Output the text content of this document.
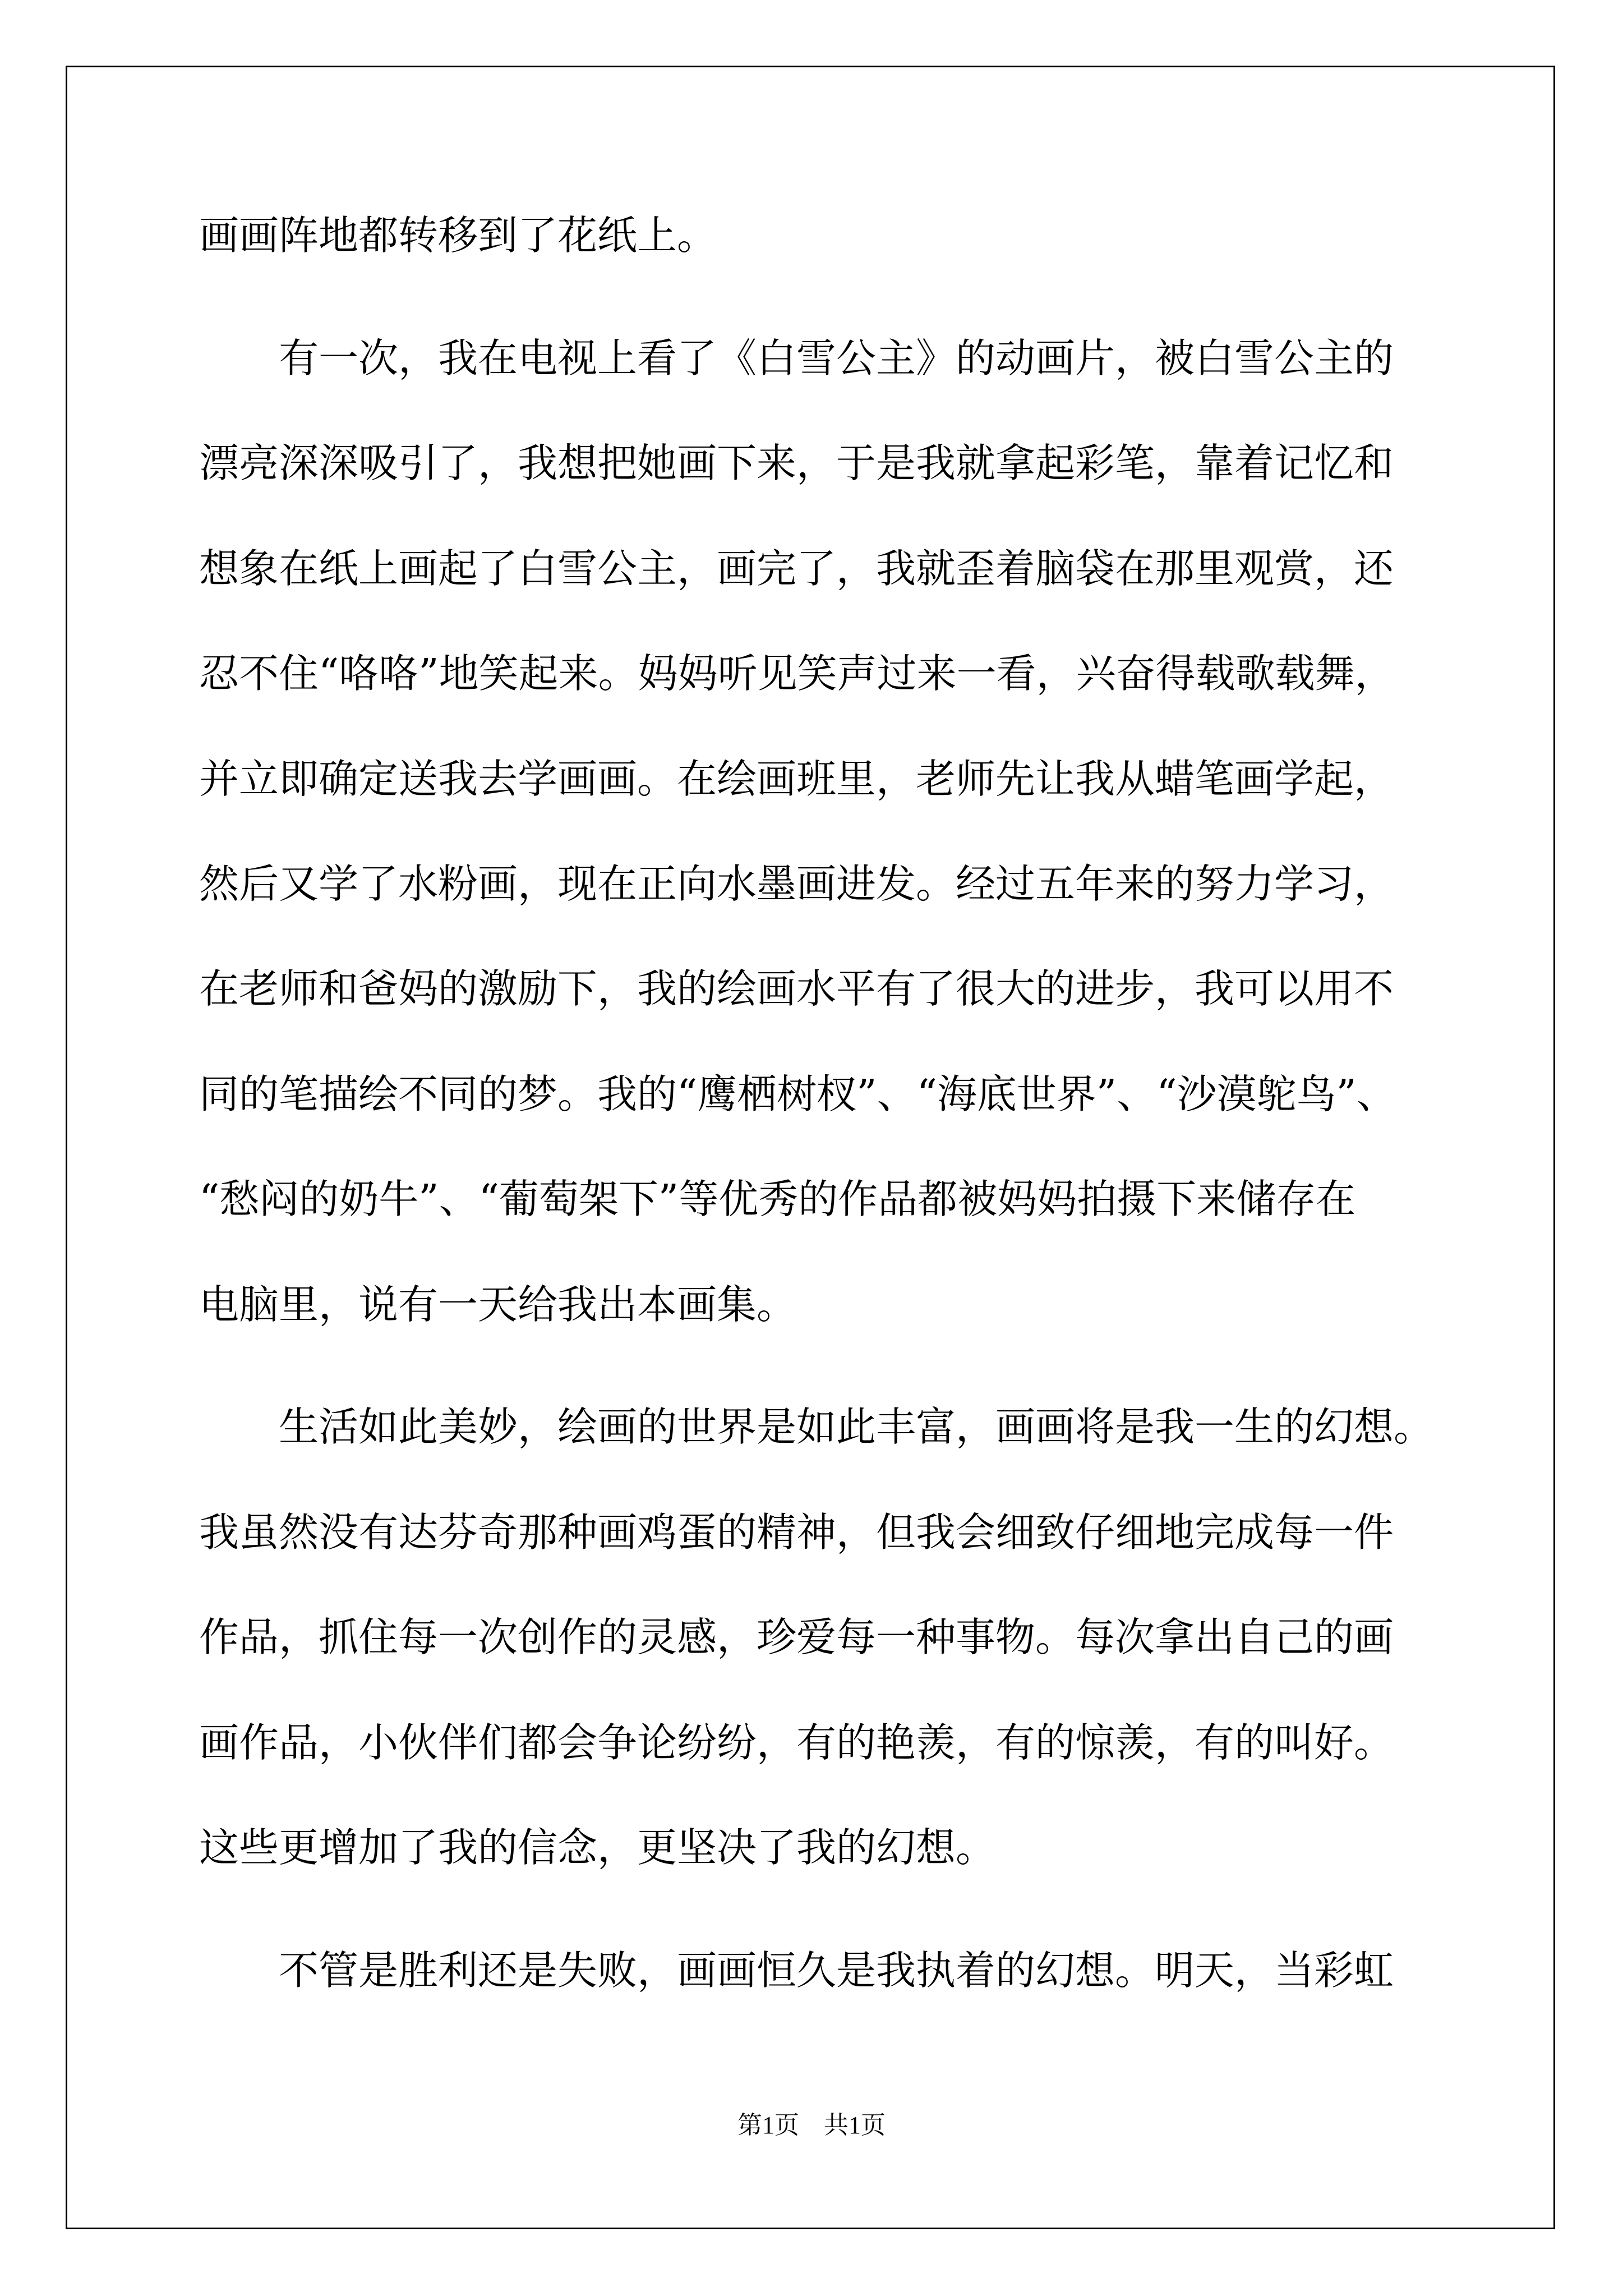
画画阵地都转移到了花纸上。

　　有一次，我在电视上看了《白雪公主》的动画片，被白雪公主的

漂亮深深吸引了，我想把她画下来，于是我就拿起彩笔，靠着记忆和

想象在纸上画起了白雪公主，画完了，我就歪着脑袋在那里观赏，还

忍不住“咯咯”地笑起来。妈妈听见笑声过来一看，兴奋得载歌载舞，

并立即确定送我去学画画。在绘画班里，老师先让我从蜡笔画学起，

然后又学了水粉画，现在正向水墨画进发。经过五年来的努力学习，

在老师和爸妈的激励下，我的绘画水平有了很大的进步，我可以用不

同的笔描绘不同的梦。我的“鹰栖树杈”、“海底世界”、“沙漠鸵鸟”、

“愁闷的奶牛”、“葡萄架下”等优秀的作品都被妈妈拍摄下来储存在

电脑里，说有一天给我出本画集。

　　生活如此美妙，绘画的世界是如此丰富，画画将是我一生的幻想。

我虽然没有达芬奇那种画鸡蛋的精神，但我会细致仔细地完成每一件

作品，抓住每一次创作的灵感，珍爱每一种事物。每次拿出自己的画

画作品，小伙伴们都会争论纷纷，有的艳羡，有的惊羡，有的叫好。

这些更增加了我的信念，更坚决了我的幻想。

　　不管是胜利还是失败，画画恒久是我执着的幻想。明天，当彩虹

第1页　共1页
